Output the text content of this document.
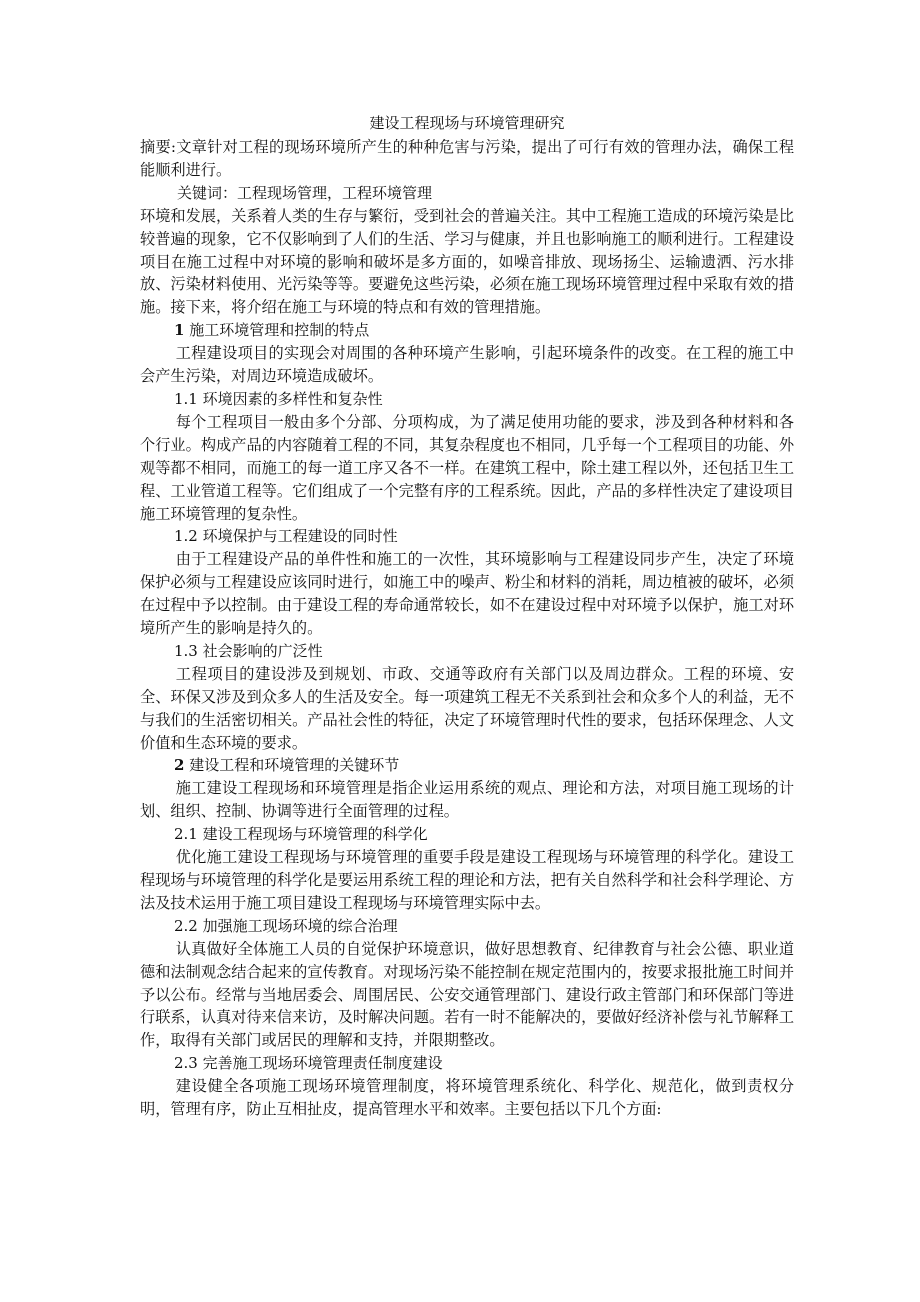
建设工程现场与环境管理研究

摘要:文章针对工程的现场环境所产生的种种危害与污染，提出了可行有效的管理办法，确保工程能顺利进行。

关键词：工程现场管理，工程环境管理

环境和发展，关系着人类的生存与繁衍，受到社会的普遍关注。其中工程施工造成的环境污染是比较普遍的现象，它不仅影响到了人们的生活、学习与健康，并且也影响施工的顺利进行。工程建设项目在施工过程中对环境的影响和破坏是多方面的，如噪音排放、现场扬尘、运输遗洒、污水排放、污染材料使用、光污染等等。要避免这些污染，必须在施工现场环境管理过程中采取有效的措施。接下来，将介绍在施工与环境的特点和有效的管理措施。

1 施工环境管理和控制的特点

工程建设项目的实现会对周围的各种环境产生影响，引起环境条件的改变。在工程的施工中会产生污染，对周边环境造成破坏。

1.1 环境因素的多样性和复杂性

每个工程项目一般由多个分部、分项构成，为了满足使用功能的要求，涉及到各种材料和各个行业。构成产品的内容随着工程的不同，其复杂程度也不相同，几乎每一个工程项目的功能、外观等都不相同，而施工的每一道工序又各不一样。在建筑工程中，除土建工程以外，还包括卫生工程、工业管道工程等。它们组成了一个完整有序的工程系统。因此，产品的多样性决定了建设项目施工环境管理的复杂性。

1.2 环境保护与工程建设的同时性

由于工程建设产品的单件性和施工的一次性，其环境影响与工程建设同步产生，决定了环境保护必须与工程建设应该同时进行，如施工中的噪声、粉尘和材料的消耗，周边植被的破坏，必须在过程中予以控制。由于建设工程的寿命通常较长，如不在建设过程中对环境予以保护，施工对环境所产生的影响是持久的。

1.3 社会影响的广泛性

工程项目的建设涉及到规划、市政、交通等政府有关部门以及周边群众。工程的环境、安全、环保又涉及到众多人的生活及安全。每一项建筑工程无不关系到社会和众多个人的利益，无不与我们的生活密切相关。产品社会性的特征，决定了环境管理时代性的要求，包括环保理念、人文价值和生态环境的要求。

2 建设工程和环境管理的关键环节

施工建设工程现场和环境管理是指企业运用系统的观点、理论和方法，对项目施工现场的计划、组织、控制、协调等进行全面管理的过程。

2.1 建设工程现场与环境管理的科学化

优化施工建设工程现场与环境管理的重要手段是建设工程现场与环境管理的科学化。建设工程现场与环境管理的科学化是要运用系统工程的理论和方法，把有关自然科学和社会科学理论、方法及技术运用于施工项目建设工程现场与环境管理实际中去。

2.2 加强施工现场环境的综合治理

认真做好全体施工人员的自觉保护环境意识，做好思想教育、纪律教育与社会公德、职业道德和法制观念结合起来的宣传教育。对现场污染不能控制在规定范围内的，按要求报批施工时间并予以公布。经常与当地居委会、周围居民、公安交通管理部门、建设行政主管部门和环保部门等进行联系，认真对待来信来访，及时解决问题。若有一时不能解决的，要做好经济补偿与礼节解释工作，取得有关部门或居民的理解和支持，并限期整改。

2.3 完善施工现场环境管理责任制度建设

建设健全各项施工现场环境管理制度，将环境管理系统化、科学化、规范化，做到责权分明，管理有序，防止互相扯皮，提高管理水平和效率。主要包括以下几个方面:
